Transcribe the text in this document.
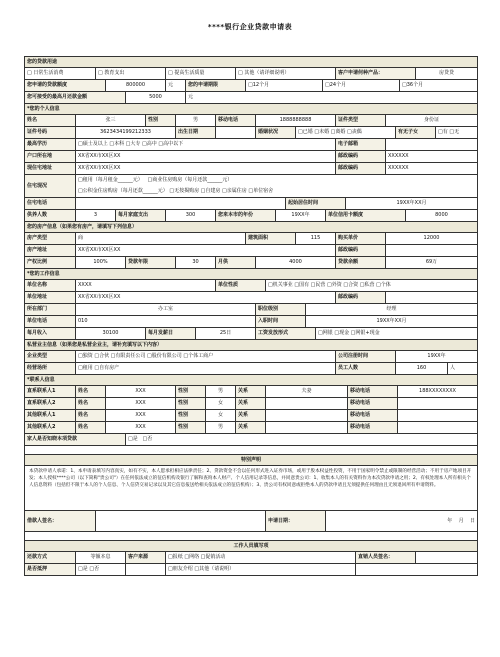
****银行企业贷款申请表
您的贷款用途
□ 日常生活消费	□ 教育支出	□ 提高生活质量	□ 其他（请详细说明）	客户申请何种产品：	房贷贷
您申请的贷款额度	800000	元	您的申请期限	□12个月	□24个月	□36个月
您可接受的最高月还款金额	5000	元
*您的个人信息
姓名	张三	性别	男	移动电话	1888888888	证件类型	身份证
证件号码	3623434199212333	出生日期	婚姻状况	□已婚 □未婚 □离婚 □丧偶	有无子女	□有 □无
最高学历	□硕士及以上 □本科 □大专 □高中 □高中以下	电子邮箱
户口所在地	XX省XX市XX区XX	邮政编码	XXXXXX
现住宅地址	XX省XX市XX区XX	邮政编码	XXXXXX
住宅现况
□租用（每月租金______元）   □商业住房购房（每月还款______元）
□公积金住房购房（每月还款______元） □无按揭购房 □自建房 □亲属住房 □单位宿舍
住宅电话	起始居住时间	19XX年XX月
供养人数	3	每月家庭支出	300	您来本市的年份	19XX年	单位信用卡额度	8000
您的房产信息（如果您有房产，请填写下列信息）
房产类型	商	建筑面积	115	购买单价	12000
房产地址	XX省XX市XX区XX	邮政编码
产权比例	100%	贷款年限	30	月供	4000	贷款余额	69万
*您的工作信息
单位名称	XXXX	单位性质	□机关事业 □国有 □民营 □外资 □合资 □私营 □个体
单位地址	XX省XX市XX区XX	邮政编码
所在部门	办工室	职位级别	经理
单位电话	010	入职时间	19XX年XX月
每月收入	30100	每月发薪日	25日	工资发放形式	□网银 □现金 □网银+现金
私营业主信息（如果您是私营企业主，请补充填写以下内容）
企业类型	□独资 □合伙 □有限责任公司 □股份有限公司 □个体工商户	公司注册时间	19XX年
经营场所	□租用 □自有房产	员工人数	160	人
*联系人信息
直系联系人1	姓名	XXX	性别	男	关系	夫妻	移动电话	188XXXXXXXX
直系联系人2	姓名	XXX	性别	女	关系	移动电话
其他联系人1	姓名	XXX	性别	女	关系	移动电话
其他联系人2	姓名	XXX	性别	男	关系	移动电话
家人是否知晓本项贷款	□是   □否
特别声明
本贷款申请人承诺：1、本申请表填写内容真实，如有不实，本人愿承担相应法律责任；2、贷款资金不会以任何形式进入证券市场，或用于股本权益性投资，不用于国家明令禁止或限制的经营活动；不用于房产地项目开发；本人授权****公司（以下简称"贵公司"）在任何依法成立的征信机构及银行了解和查询本人财产、个人信用记录等信息，并同意贵公司：1、收集本人的有关资料作为本次贷款申请之用；2、有权处理本人所有相关个人信息资料（包括但不限于本人的个人信息、个人信贷交易记录以及其它信息报送给相关依法成立的征信机构）；3、贵公司有权同意或拒绝本人的贷款申请且无须提供任何理由且无须退回所有申请资料。
借款人签名：	申请日期：	年 月 日
工作人员填写项
还款方式	等额本息	客户来源	□报纸 □网络 □促销活动	直销人员签名：
是否抵押	□是 □否	□朋友介绍 □其他（请说明）
